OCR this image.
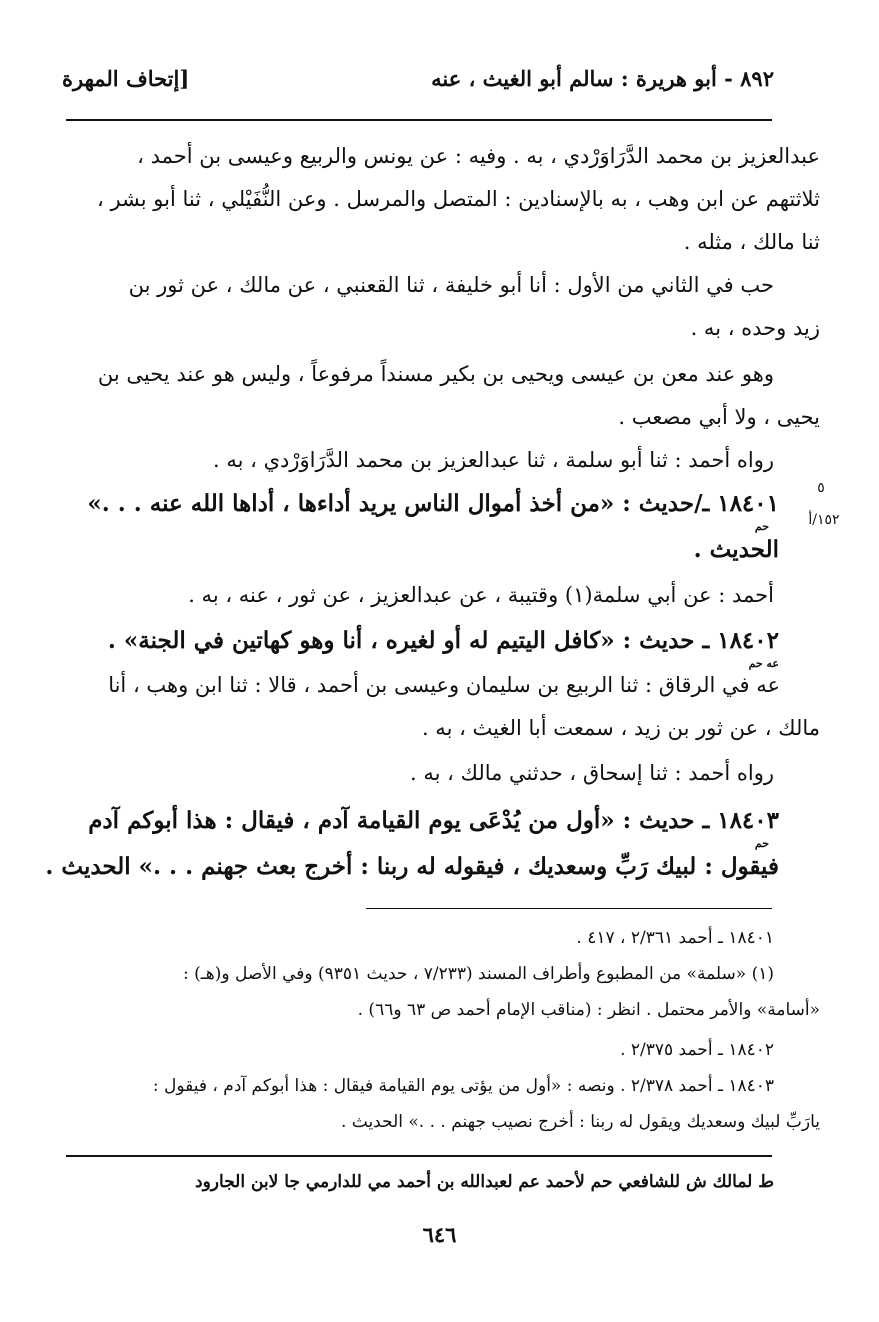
٨٩٢ - أبو هريرة : سالم أبو الغيث ، عنه
[إتحاف المهرة
عبدالعزيز بن محمد الدَّرَاوَرْدي ، به . وفيه : عن يونس والربيع وعيسى بن أحمد ،
ثلاثتهم عن ابن وهب ، به بالإسنادين : المتصل والمرسل . وعن النُّفَيْلي ، ثنا أبو بشر ،
ثنا مالك ، مثله .
حب في الثاني من الأول : أنا أبو خليفة ، ثنا القعنبي ، عن مالك ، عن ثور بن
زيد وحده ، به .
وهو عند معن بن عيسى ويحيى بن بكير مسنداً مرفوعاً ، وليس هو عند يحيى بن
يحيى ، ولا أبي مصعب .
رواه أحمد : ثنا أبو سلمة ، ثنا عبدالعزيز بن محمد الدَّرَاوَرْدي ، به .
٥
١٥٢/أ
١٨٤٠١ ـ/حديث : «من أخذ أموال الناس يريد أداءها ، أداها الله عنه . . .»
حم
الحديث .
أحمد : عن أبي سلمة(١) وقتيبة ، عن عبدالعزيز ، عن ثور ، عنه ، به .
١٨٤٠٢ ـ حديث : «كافل اليتيم له أو لغيره ، أنا وهو كهاتين في الجنة» .
عه حم
عه في الرقاق : ثنا الربيع بن سليمان وعيسى بن أحمد ، قالا : ثنا ابن وهب ، أنا
مالك ، عن ثور بن زيد ، سمعت أبا الغيث ، به .
رواه أحمد : ثنا إسحاق ، حدثني مالك ، به .
١٨٤٠٣ ـ حديث : «أول من يُدْعَى يوم القيامة آدم ، فيقال : هذا أبوكم آدم
حم
فيقول : لبيك رَبِّ وسعديك ، فيقوله له ربنا : أخرج بعث جهنم . . .» الحديث .
١٨٤٠١ ـ أحمد ٢/٣٦١ ، ٤١٧ .
(١) «سلمة» من المطبوع وأطراف المسند (٧/٢٣٣ ، حديث ٩٣٥١) وفي الأصل و(هـ) :
«أسامة» والأمر محتمل . انظر : (مناقب الإمام أحمد ص ٦٣ و٦٦) .
١٨٤٠٢ ـ أحمد ٢/٣٧٥ .
١٨٤٠٣ ـ أحمد ٢/٣٧٨ . ونصه : «أول من يؤتى يوم القيامة فيقال : هذا أبوكم آدم ، فيقول :
يارَبِّ لبيك وسعديك ويقول له ربنا : أخرج نصيب جهنم . . .» الحديث .
ط لمالك ش للشافعي حم لأحمد عم لعبدالله بن أحمد مي للدارمي جا لابن الجارود
٦٤٦
